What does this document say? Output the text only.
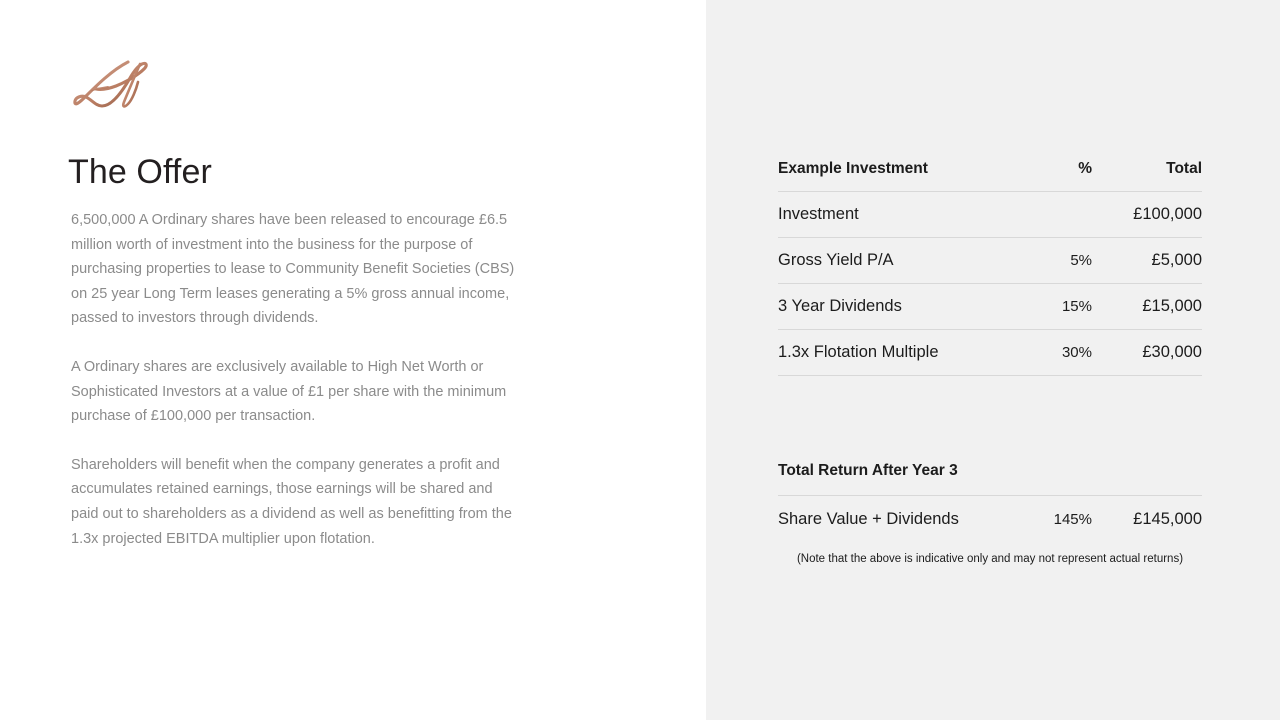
The Offer

6,500,000 A Ordinary shares have been released to encourage £6.5 million worth of investment into the business for the purpose of purchasing properties to lease to Community Benefit Societies (CBS) on 25 year Long Term leases generating a 5% gross annual income, passed to investors through dividends.

A Ordinary shares are exclusively available to High Net Worth or Sophisticated Investors at a value of £1 per share with the minimum purchase of £100,000 per transaction.

Shareholders will benefit when the company generates a profit and accumulates retained earnings, those earnings will be shared and paid out to shareholders as a dividend as well as benefitting from the 1.3x projected EBITDA multiplier upon flotation.

Example Investment	%	Total
Investment		£100,000
Gross Yield P/A	5%	£5,000
3 Year Dividends	15%	£15,000
1.3x Flotation Multiple	30%	£30,000
Total Return After Year 3
Share Value + Dividends	145%	£145,000
(Note that the above is indicative only and may not represent actual returns)
